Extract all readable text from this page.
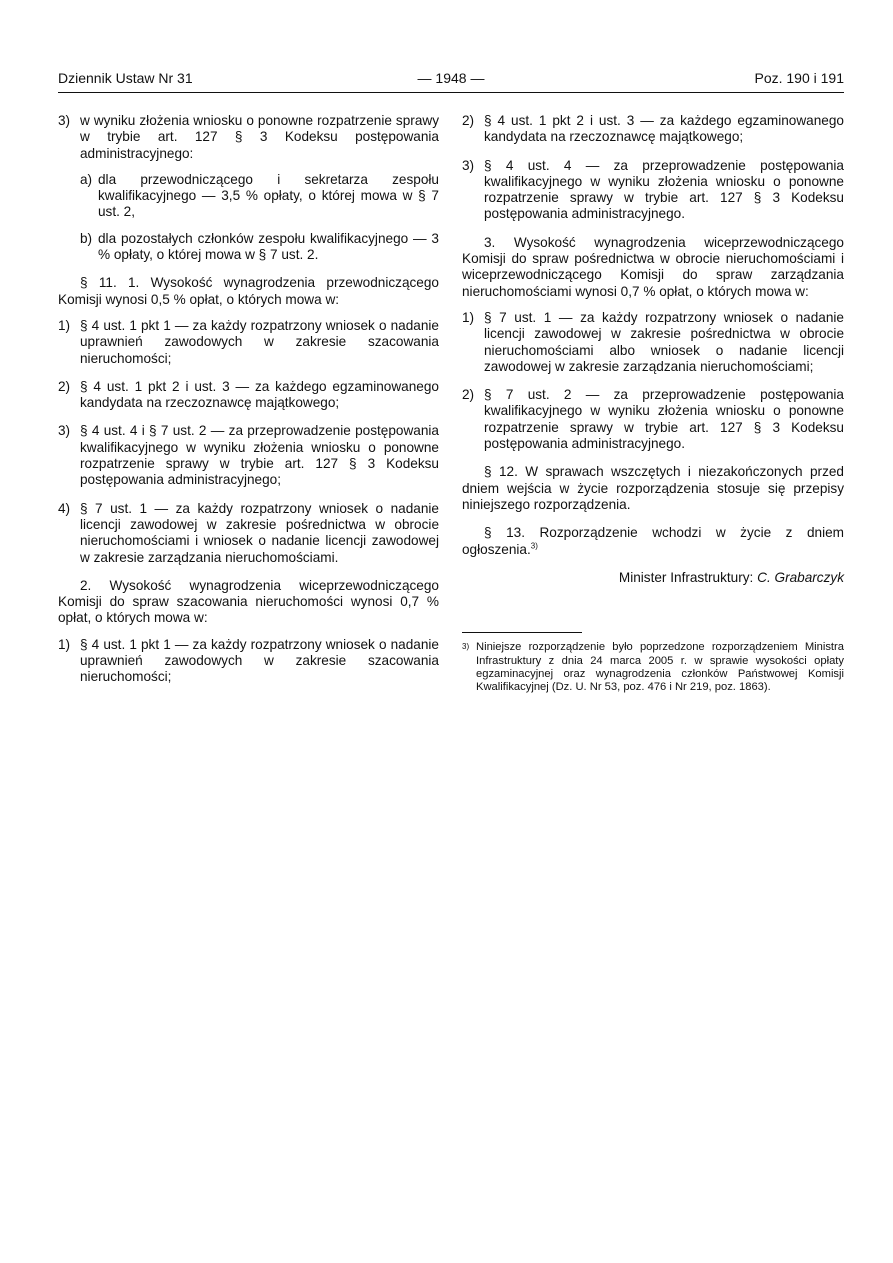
Dziennik Ustaw Nr 31	— 1948 —	Poz. 190 i 191
3) w wyniku złożenia wniosku o ponowne rozpatrzenie sprawy w trybie art. 127 § 3 Kodeksu postępowania administracyjnego:
a) dla przewodniczącego i sekretarza zespołu kwalifikacyjnego — 3,5 % opłaty, o której mowa w § 7 ust. 2,
b) dla pozostałych członków zespołu kwalifikacyjnego — 3 % opłaty, o której mowa w § 7 ust. 2.
§ 11. 1. Wysokość wynagrodzenia przewodniczącego Komisji wynosi 0,5 % opłat, o których mowa w:
1) § 4 ust. 1 pkt 1 — za każdy rozpatrzony wniosek o nadanie uprawnień zawodowych w zakresie szacowania nieruchomości;
2) § 4 ust. 1 pkt 2 i ust. 3 — za każdego egzaminowanego kandydata na rzeczoznawcę majątkowego;
3) § 4 ust. 4 i § 7 ust. 2 — za przeprowadzenie postępowania kwalifikacyjnego w wyniku złożenia wniosku o ponowne rozpatrzenie sprawy w trybie art. 127 § 3 Kodeksu postępowania administracyjnego;
4) § 7 ust. 1 — za każdy rozpatrzony wniosek o nadanie licencji zawodowej w zakresie pośrednictwa w obrocie nieruchomościami i wniosek o nadanie licencji zawodowej w zakresie zarządzania nieruchomościami.
2. Wysokość wynagrodzenia wiceprzewodniczącego Komisji do spraw szacowania nieruchomości wynosi 0,7 % opłat, o których mowa w:
1) § 4 ust. 1 pkt 1 — za każdy rozpatrzony wniosek o nadanie uprawnień zawodowych w zakresie szacowania nieruchomości;
2) § 4 ust. 1 pkt 2 i ust. 3 — za każdego egzaminowanego kandydata na rzeczoznawcę majątkowego;
3) § 4 ust. 4 — za przeprowadzenie postępowania kwalifikacyjnego w wyniku złożenia wniosku o ponowne rozpatrzenie sprawy w trybie art. 127 § 3 Kodeksu postępowania administracyjnego.
3. Wysokość wynagrodzenia wiceprzewodniczącego Komisji do spraw pośrednictwa w obrocie nieruchomościami i wiceprzewodniczącego Komisji do spraw zarządzania nieruchomościami wynosi 0,7 % opłat, o których mowa w:
1) § 7 ust. 1 — za każdy rozpatrzony wniosek o nadanie licencji zawodowej w zakresie pośrednictwa w obrocie nieruchomościami albo wniosek o nadanie licencji zawodowej w zakresie zarządzania nieruchomościami;
2) § 7 ust. 2 — za przeprowadzenie postępowania kwalifikacyjnego w wyniku złożenia wniosku o ponowne rozpatrzenie sprawy w trybie art. 127 § 3 Kodeksu postępowania administracyjnego.
§ 12. W sprawach wszczętych i niezakończonych przed dniem wejścia w życie rozporządzenia stosuje się przepisy niniejszego rozporządzenia.
§ 13. Rozporządzenie wchodzi w życie z dniem ogłoszenia.$^{3)}$
Minister Infrastruktury: C. Grabarczyk
3) Niniejsze rozporządzenie było poprzedzone rozporządzeniem Ministra Infrastruktury z dnia 24 marca 2005 r. w sprawie wysokości opłaty egzaminacyjnej oraz wynagrodzenia członków Państwowej Komisji Kwalifikacyjnej (Dz. U. Nr 53, poz. 476 i Nr 219, poz. 1863).
